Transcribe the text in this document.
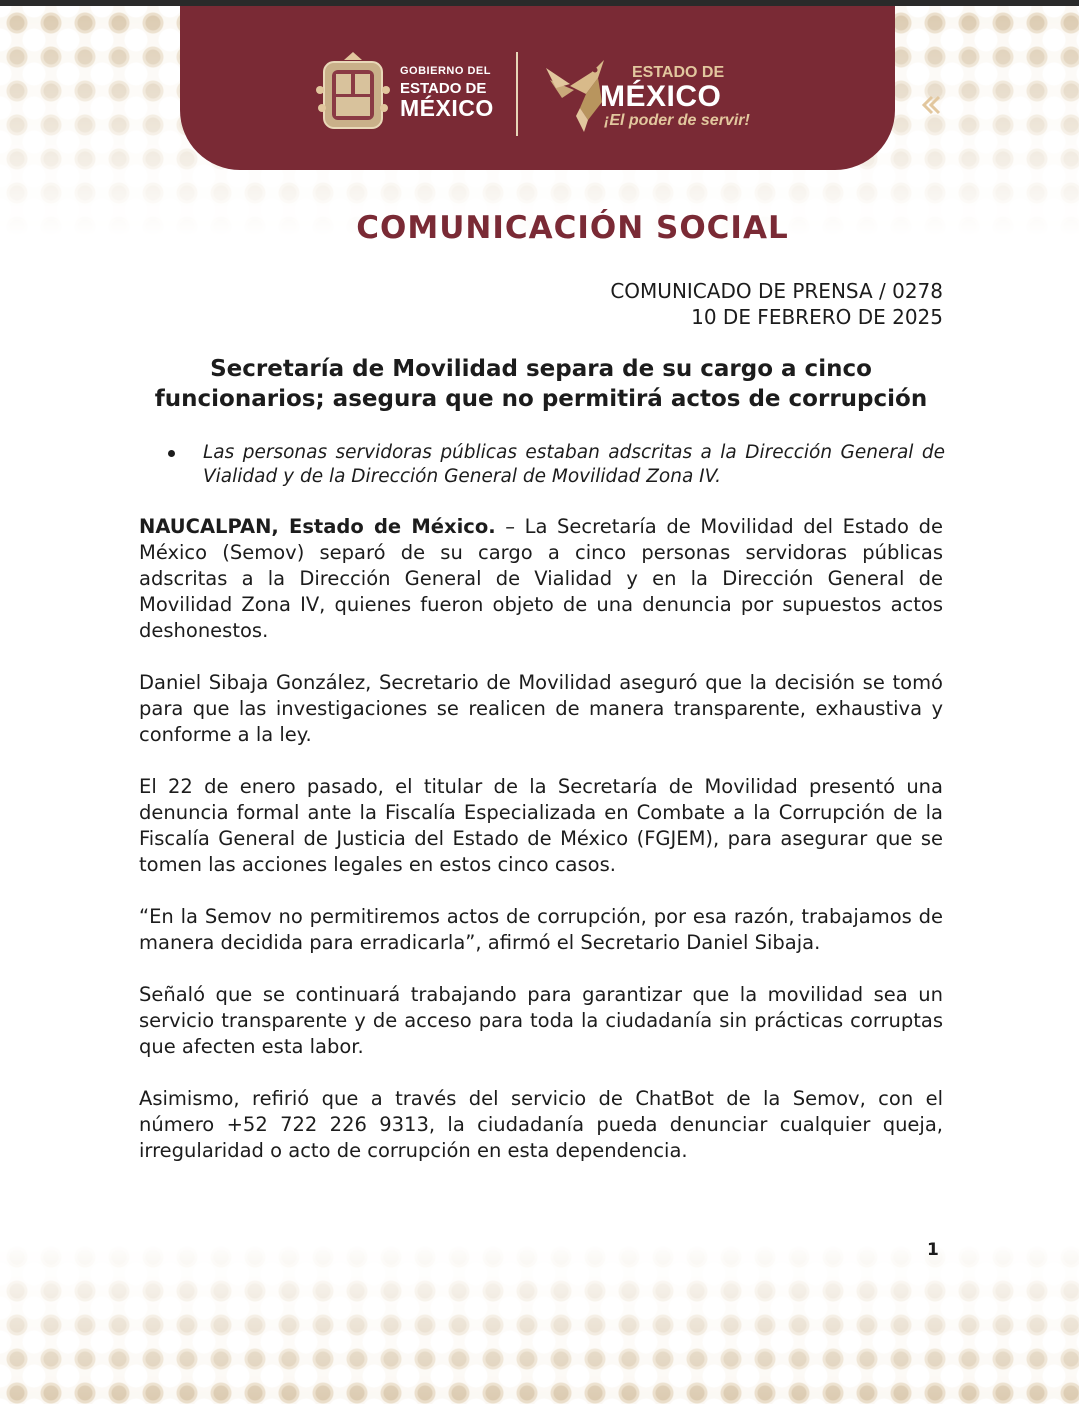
GOBIERNO DEL
ESTADO DE
MÉXICO
ESTADO DE
MÉXICO
¡El poder de servir!
COMUNICACIÓN SOCIAL
COMUNICADO DE PRENSA / 0278
10 DE FEBRERO DE 2025
Secretaría de Movilidad separa de su cargo a cinco funcionarios; asegura que no permitirá actos de corrupción
Las personas servidoras públicas estaban adscritas a la Dirección General de Vialidad y de la Dirección General de Movilidad Zona IV.

NAUCALPAN, Estado de México. – La Secretaría de Movilidad del Estado de México (Semov) separó de su cargo a cinco personas servidoras públicas adscritas a la Dirección General de Vialidad y en la Dirección General de Movilidad Zona IV, quienes fueron objeto de una denuncia por supuestos actos deshonestos.

Daniel Sibaja González, Secretario de Movilidad aseguró que la decisión se tomó para que las investigaciones se realicen de manera transparente, exhaustiva y conforme a la ley.

El 22 de enero pasado, el titular de la Secretaría de Movilidad presentó una denuncia formal ante la Fiscalía Especializada en Combate a la Corrupción de la Fiscalía General de Justicia del Estado de México (FGJEM), para asegurar que se tomen las acciones legales en estos cinco casos.

“En la Semov no permitiremos actos de corrupción, por esa razón, trabajamos de manera decidida para erradicarla”, afirmó el Secretario Daniel Sibaja.

Señaló que se continuará trabajando para garantizar que la movilidad sea un servicio transparente y de acceso para toda la ciudadanía sin prácticas corruptas que afecten esta labor.

Asimismo, refirió que a través del servicio de ChatBot de la Semov, con el número +52 722 226 9313, la ciudadanía pueda denunciar cualquier queja, irregularidad o acto de corrupción en esta dependencia.

1
